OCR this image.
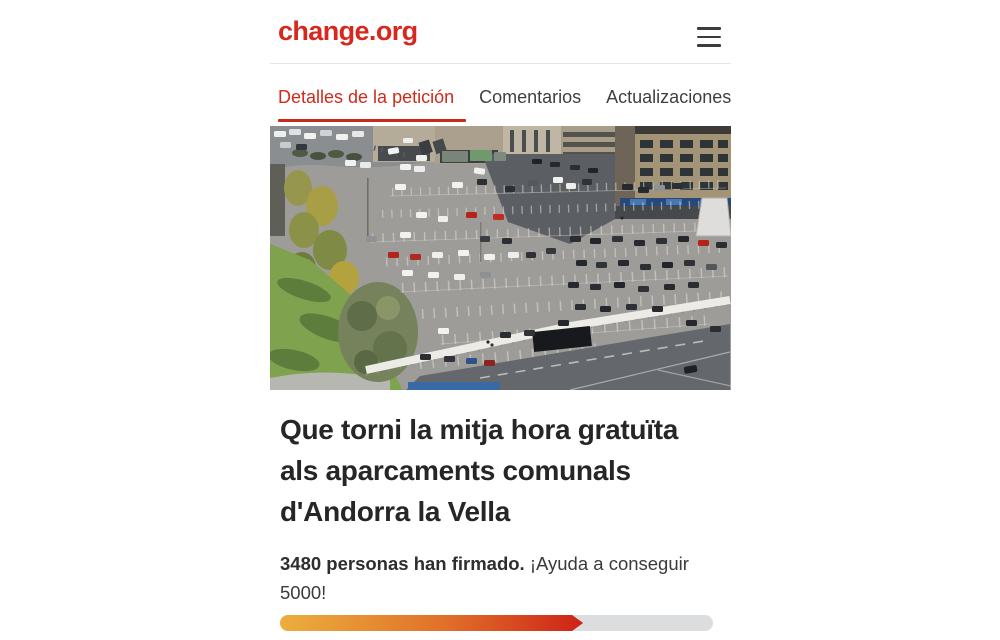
change.org
Detalles de la petición Comentarios Actualizaciones
Que torni la mitja hora gratuïta
als aparcaments comunals
d'Andorra la Vella
3480 personas han firmado. ¡Ayuda a conseguir 5000!
